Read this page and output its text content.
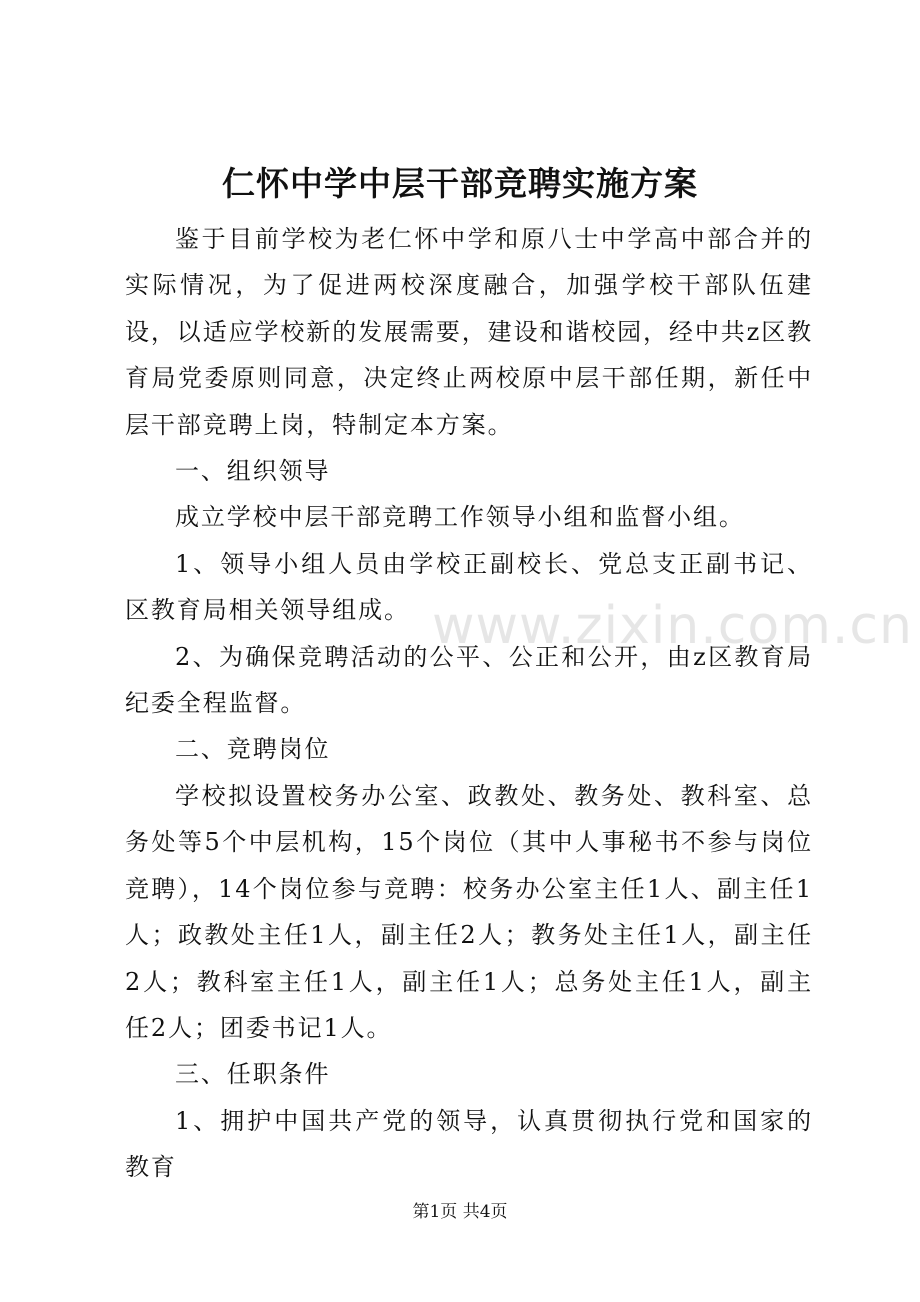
www.zixin.com.cn
仁怀中学中层干部竞聘实施方案

鉴于目前学校为老仁怀中学和原八士中学高中部合并的实际情况，为了促进两校深度融合，加强学校干部队伍建设，以适应学校新的发展需要，建设和谐校园，经中共z区教育局党委原则同意，决定终止两校原中层干部任期，新任中层干部竞聘上岗，特制定本方案。

一、组织领导

成立学校中层干部竞聘工作领导小组和监督小组。

1、领导小组人员由学校正副校长、党总支正副书记、区教育局相关领导组成。

2、为确保竞聘活动的公平、公正和公开，由z区教育局纪委全程监督。

二、竞聘岗位

学校拟设置校务办公室、政教处、教务处、教科室、总务处等5个中层机构，15个岗位（其中人事秘书不参与岗位竞聘），14个岗位参与竞聘：校务办公室主任1人、副主任1人；政教处主任1人，副主任2人；教务处主任1人，副主任2人；教科室主任1人，副主任1人；总务处主任1人，副主任2人；团委书记1人。

三、任职条件

1、拥护中国共产党的领导，认真贯彻执行党和国家的教育

第1页 共4页
